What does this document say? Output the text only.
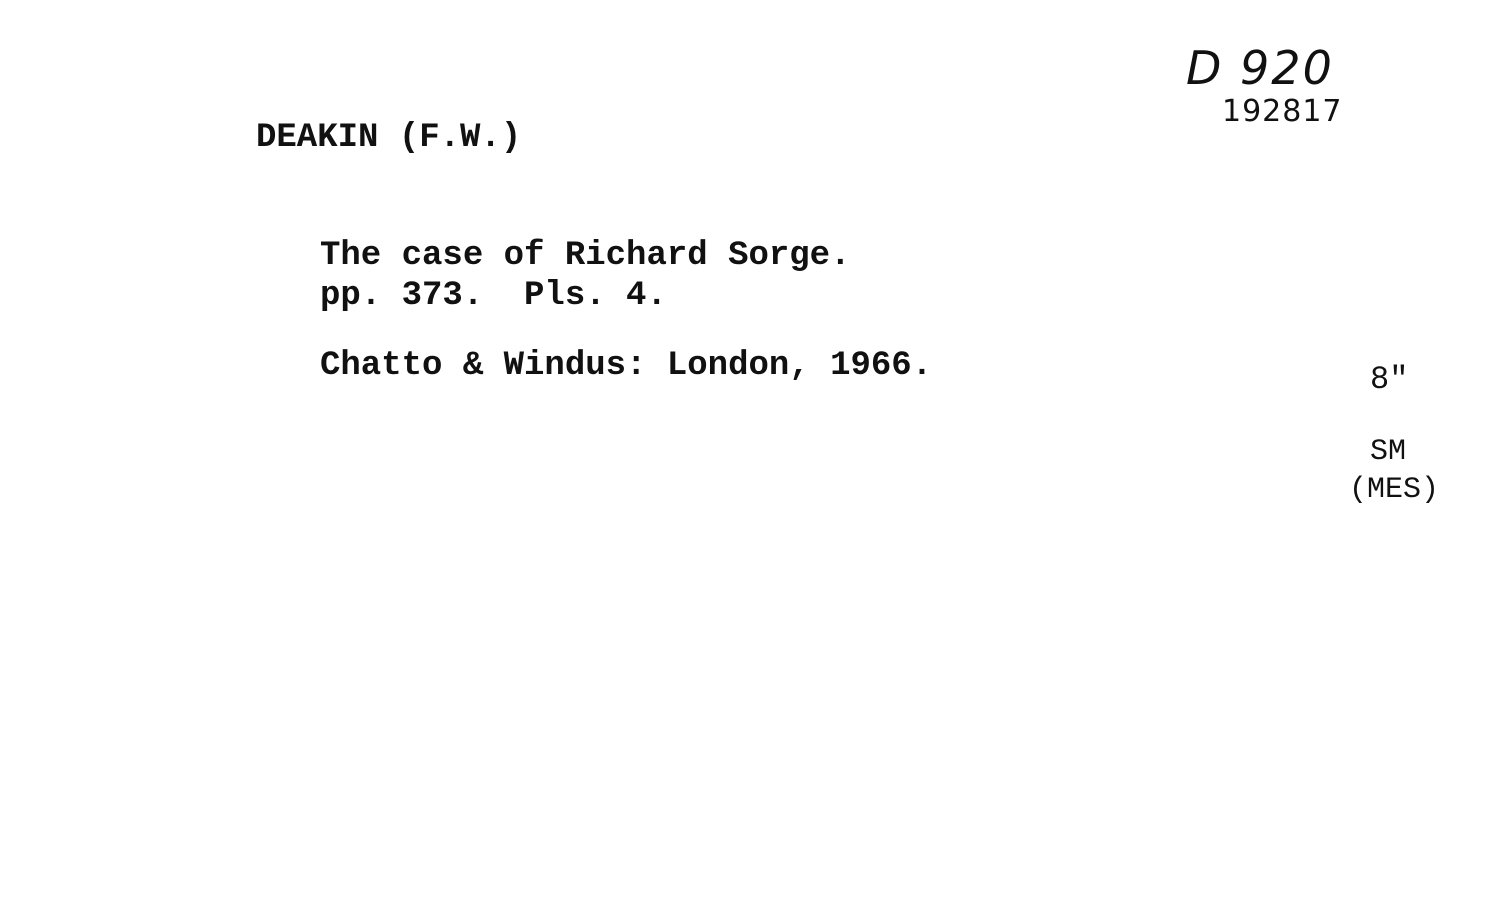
D 920
192817
DEAKIN (F.W.)
The case of Richard Sorge.
pp. 373.  Pls. 4.
Chatto & Windus: London, 1966.	8"
SM
(MES)
